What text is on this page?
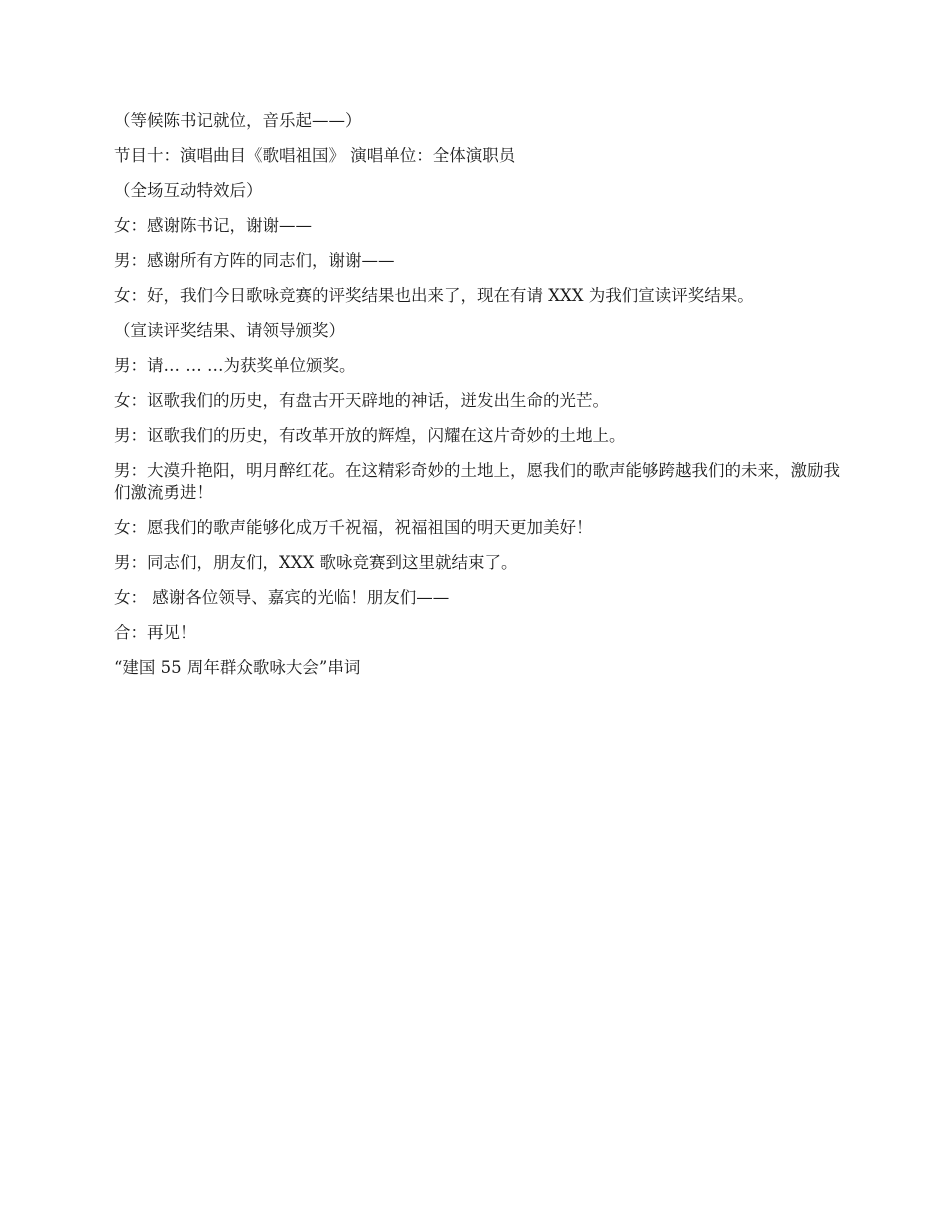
（等候陈书记就位，音乐起——）

节目十：演唱曲目《歌唱祖国》 演唱单位：全体演职员

（全场互动特效后）

女：感谢陈书记，谢谢——

男：感谢所有方阵的同志们，谢谢——

女：好，我们今日歌咏竞赛的评奖结果也出来了，现在有请 XXX 为我们宣读评奖结果。

（宣读评奖结果、请领导颁奖）

男：请… … …为获奖单位颁奖。

女：讴歌我们的历史，有盘古开天辟地的神话，迸发出生命的光芒。

男：讴歌我们的历史，有改革开放的辉煌，闪耀在这片奇妙的土地上。

男：大漠升艳阳，明月醉红花。在这精彩奇妙的土地上，愿我们的歌声能够跨越我们的未来，激励我们激流勇进！

女：愿我们的歌声能够化成万千祝福，祝福祖国的明天更加美好！

男：同志们，朋友们，XXX 歌咏竞赛到这里就结束了。

女： 感谢各位领导、嘉宾的光临！朋友们——

合：再见！

“建国 55 周年群众歌咏大会”串词
